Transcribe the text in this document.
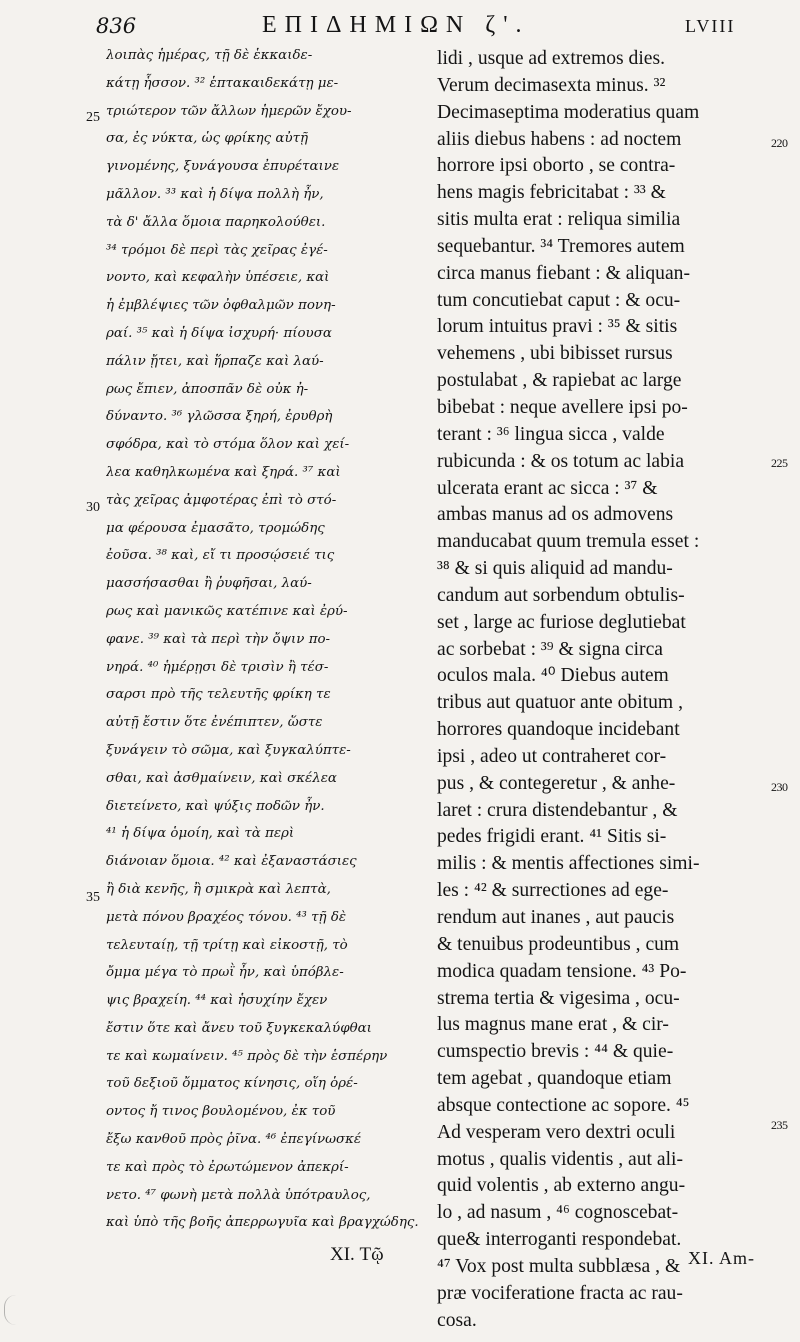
836	ΕΠΙΔΗΜΙΩΝ ζ'.	LVIII
λοιπὰς ἡμέρας, τῇ δὲ ἑκκαιδε-
κάτῃ ἧσσον. ³² ἑπτακαιδεκάτῃ με-
τριώτερον τῶν ἄλλων ἡμερῶν ἔχου-
σα, ἐς νύκτα, ὡς φρίκης αὐτῇ
γινομένης, ξυνάγουσα ἐπυρέταινε
μᾶλλον. ³³ καὶ ἡ δίψα πολλὴ ἦν,
τὰ δ' ἄλλα ὅμοια παρηκολούθει.
³⁴ τρόμοι δὲ περὶ τὰς χεῖρας ἐγέ-
νοντο, καὶ κεφαλὴν ὑπέσειε, καὶ
ἡ ἐμβλέψιες τῶν ὀφθαλμῶν πονη-
ραί. ³⁵ καὶ ἡ δίψα ἰσχυρή· πίουσα
πάλιν ᾔτει, καὶ ἥρπαζε καὶ λαύ-
ρως ἔπιεν, ἀποσπᾶν δὲ οὐκ ἠ-
δύναντο. ³⁶ γλῶσσα ξηρή, ἐρυθρὴ
σφόδρα, καὶ τὸ στόμα ὅλον καὶ χεί-
λεα καθηλκωμένα καὶ ξηρά. ³⁷ καὶ
τὰς χεῖρας ἀμφοτέρας ἐπὶ τὸ στό-
μα φέρουσα ἐμασᾶτο, τρομώδης
ἐοῦσα. ³⁸ καὶ, εἴ τι προσῴσειέ τις
μασσήσασθαι ἢ ῥυφῆσαι, λαύ-
ρως καὶ μανικῶς κατέπινε καὶ ἐρύ-
φανε. ³⁹ καὶ τὰ περὶ τὴν ὄψιν πο-
νηρά. ⁴⁰ ἡμέρῃσι δὲ τρισὶν ἢ τέσ-
σαρσι πρὸ τῆς τελευτῆς φρίκη τε
αὐτῇ ἔστιν ὅτε ἐνέπιπτεν, ὥστε
ξυνάγειν τὸ σῶμα, καὶ ξυγκαλύπτε-
σθαι, καὶ ἀσθμαίνειν, καὶ σκέλεα
διετείνετο, καὶ ψύξις ποδῶν ἦν.
⁴¹ ἡ δίψα ὁμοίη, καὶ τὰ περὶ
διάνοιαν ὅμοια. ⁴² καὶ ἐξαναστάσιες
ἢ διὰ κενῆς, ἢ σμικρὰ καὶ λεπτὰ,
μετὰ πόνου βραχέος τόνου. ⁴³ τῇ δὲ
τελευταίῃ, τῇ τρίτῃ καὶ εἰκοστῇ, τὸ
ὄμμα μέγα τὸ πρωῒ ἦν, καὶ ὑπόβλε-
ψις βραχείη. ⁴⁴ καὶ ἡσυχίην ἔχεν
ἔστιν ὅτε καὶ ἄνευ τοῦ ξυγκεκαλύφθαι
τε καὶ κωμαίνειν. ⁴⁵ πρὸς δὲ τὴν ἑσπέρην
τοῦ δεξιοῦ ὄμματος κίνησις, οἵη ὁρέ-
οντος ἤ τινος βουλομένου, ἐκ τοῦ
ἔξω κανθοῦ πρὸς ῥῖνα. ⁴⁶ ἐπεγίνωσκέ
τε καὶ πρὸς τὸ ἐρωτώμενον ἀπεκρί-
νετο. ⁴⁷ φωνὴ μετὰ πολλὰ ὑπότραυλος,
καὶ ὑπὸ τῆς βοῆς ἀπερρωγυῖα καὶ βραγχώδης.
lidi , usque ad extremos dies.
Verum decimasexta minus. ³²
Decimaseptima moderatius quam
aliis diebus habens : ad noctem
horrore ipsi oborto , se contra-
hens magis febricitabat : ³³ &
sitis multa erat : reliqua similia
sequebantur. ³⁴ Tremores autem
circa manus fiebant : & aliquan-
tum concutiebat caput : & ocu-
lorum intuitus pravi : ³⁵ & sitis
vehemens , ubi bibisset rursus
postulabat , & rapiebat ac large
bibebat : neque avellere ipsi po-
terant : ³⁶ lingua sicca , valde
rubicunda : & os totum ac labia
ulcerata erant ac sicca : ³⁷ &
ambas manus ad os admovens
manducabat quum tremula esset :
³⁸ & si quis aliquid ad mandu-
candum aut sorbendum obtulis-
set , large ac furiose deglutiebat
ac sorbebat : ³⁹ & signa circa
oculos mala. ⁴⁰ Diebus autem
tribus aut quatuor ante obitum ,
horrores quandoque incidebant
ipsi , adeo ut contraheret cor-
pus , & contegeretur , & anhe-
laret : crura distendebantur , &
pedes frigidi erant. ⁴¹ Sitis si-
milis : & mentis affectiones simi-
les : ⁴² & surrectiones ad ege-
rendum aut inanes , aut paucis
& tenuibus prodeuntibus , cum
modica quadam tensione. ⁴³ Po-
strema tertia & vigesima , ocu-
lus magnus mane erat , & cir-
cumspectio brevis : ⁴⁴ & quie-
tem agebat , quandoque etiam
absque contectione ac sopore. ⁴⁵
Ad vesperam vero dextri oculi
motus , qualis videntis , aut ali-
quid volentis , ab externo angu-
lo , ad nasum , ⁴⁶ cognoscebat-
que& interroganti respondebat.
⁴⁷ Vox post multa subblæsa , &
præ vociferatione fracta ac rau-
cosa.
25
30
35
220
225
230
235
XI. Τῷ	XI. Am-
